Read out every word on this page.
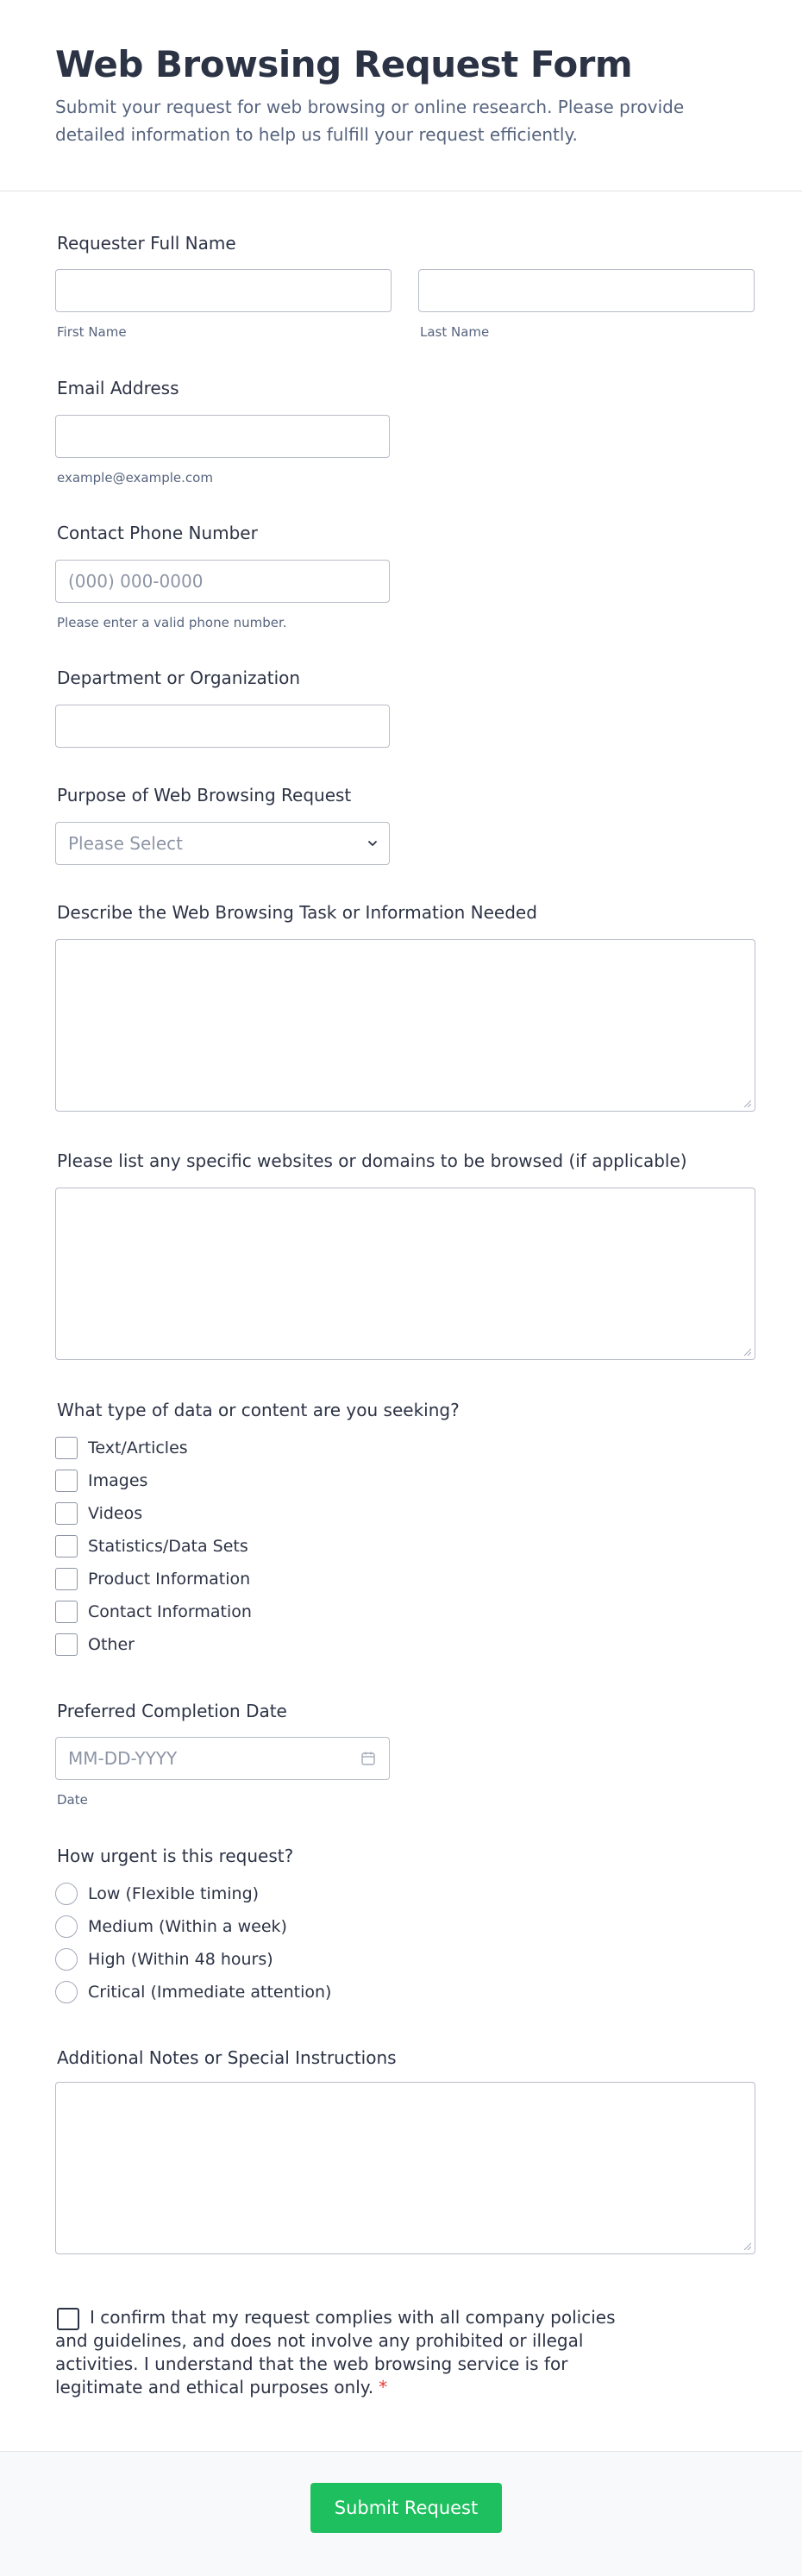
Web Browsing Request Form

Submit your request for web browsing or online research. Please provide detailed information to help us fulfill your request efficiently.

Requester Full Name
First Name	Last Name
Email Address
example@example.com
Contact Phone Number
(000) 000-0000
Please enter a valid phone number.
Department or Organization
Purpose of Web Browsing Request
Please Select
Describe the Web Browsing Task or Information Needed
Please list any specific websites or domains to be browsed (if applicable)
What type of data or content are you seeking?
Text/Articles
Images
Videos
Statistics/Data Sets
Product Information
Contact Information
Other
Preferred Completion Date
MM-DD-YYYY
Date
How urgent is this request?
Low (Flexible timing)
Medium (Within a week)
High (Within 48 hours)
Critical (Immediate attention)
Additional Notes or Special Instructions
I confirm that my request complies with all company policies and guidelines, and does not involve any prohibited or illegal activities. I understand that the web browsing service is for legitimate and ethical purposes only. *
Submit Request
